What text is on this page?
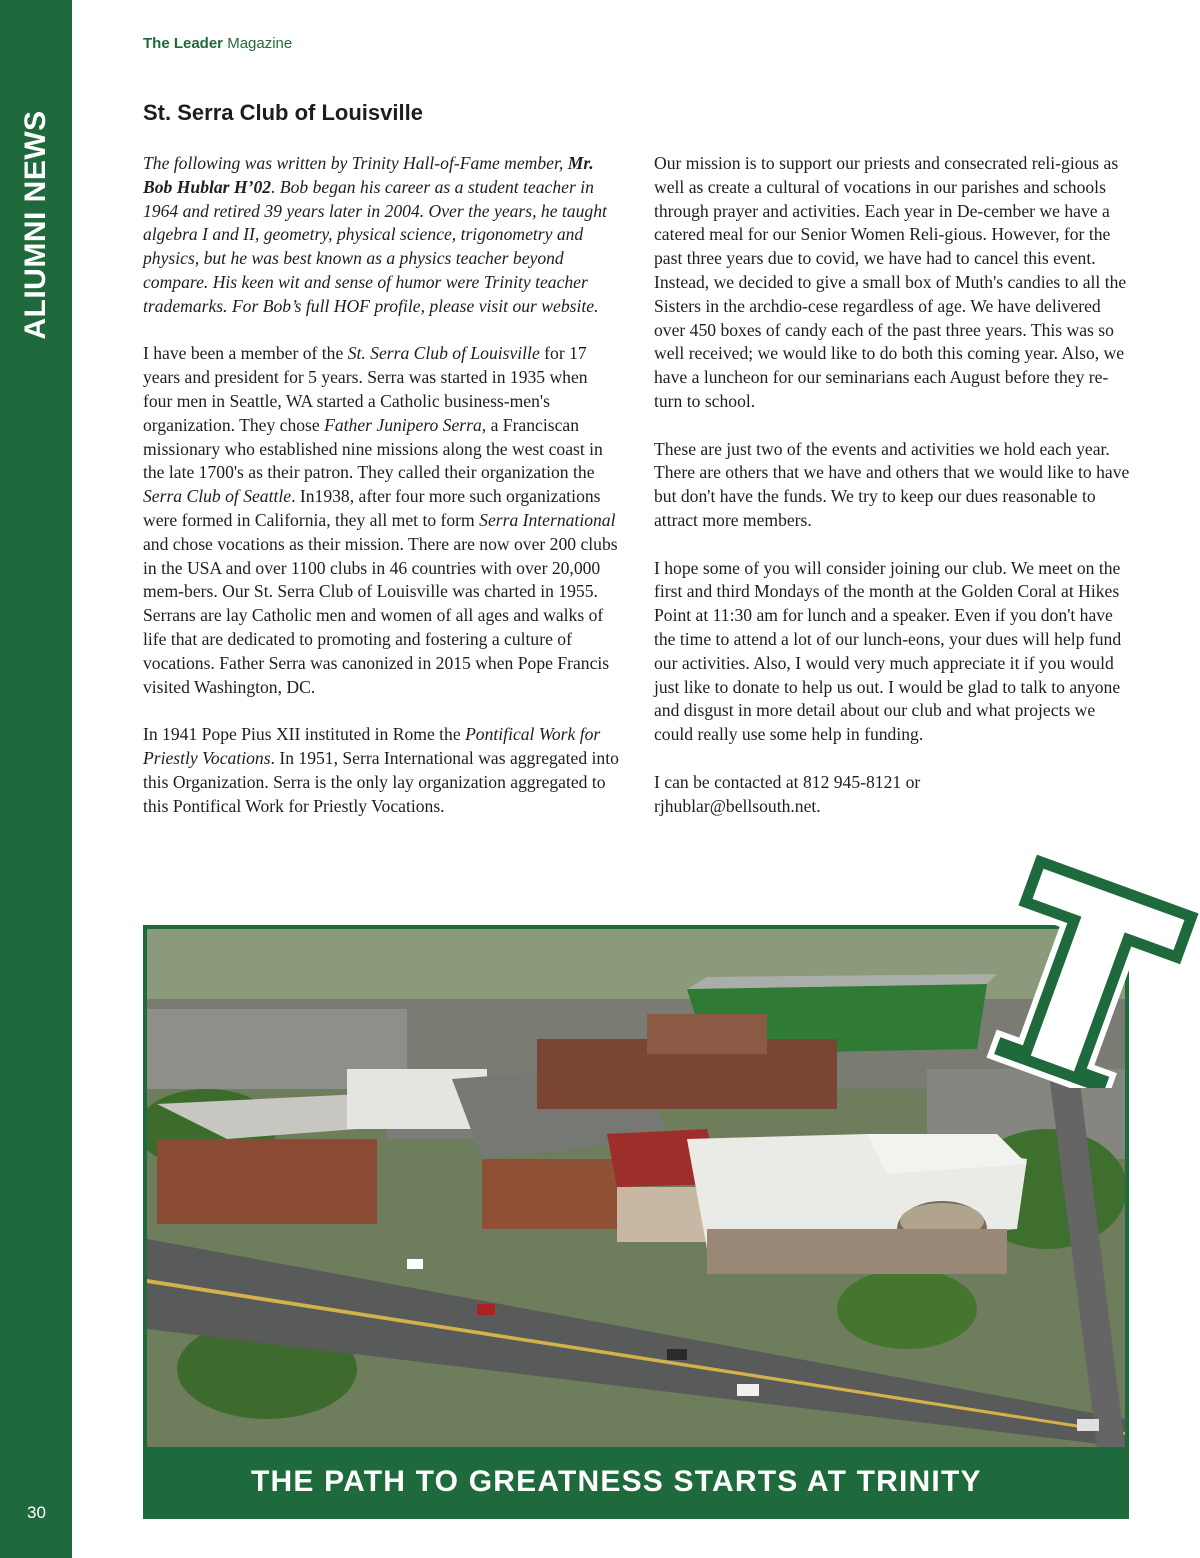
ALIUMNI NEWS
30
The Leader Magazine
St. Serra Club of Louisville

The following was written by Trinity Hall-of-Fame member, Mr. Bob Hublar H’02. Bob began his career as a student teacher in 1964 and retired 39 years later in 2004. Over the years, he taught algebra I and II, geometry, physical science, trigonometry and physics, but he was best known as a physics teacher beyond compare. His keen wit and sense of humor were Trinity teacher trademarks. For Bob’s full HOF profile, please visit our website.

I have been a member of the St. Serra Club of Louisville for 17 years and president for 5 years. Serra was started in 1935 when four men in Seattle, WA started a Catholic business-men's organization. They chose Father Junipero Serra, a Franciscan missionary who established nine missions along the west coast in the late 1700's as their patron. They called their organization the Serra Club of Seattle. In1938, after four more such organizations were formed in California, they all met to form Serra International and chose vocations as their mission. There are now over 200 clubs in the USA and over 1100 clubs in 46 countries with over 20,000 mem-bers. Our St. Serra Club of Louisville was charted in 1955. Serrans are lay Catholic men and women of all ages and walks of life that are dedicated to promoting and fostering a culture of vocations. Father Serra was canonized in 2015 when Pope Francis visited Washington, DC.

In 1941 Pope Pius XII instituted in Rome the Pontifical Work for Priestly Vocations. In 1951, Serra International was aggregated into this Organization. Serra is the only lay organization aggregated to this Pontifical Work for Priestly Vocations.

Our mission is to support our priests and consecrated reli-gious as well as create a cultural of vocations in our parishes and schools through prayer and activities. Each year in De-cember we have a catered meal for our Senior Women Reli-gious. However, for the past three years due to covid, we have had to cancel this event. Instead, we decided to give a small box of Muth's candies to all the Sisters in the archdio-cese regardless of age. We have delivered over 450 boxes of candy each of the past three years. This was so well received; we would like to do both this coming year. Also, we have a luncheon for our seminarians each August before they re-turn to school.

These are just two of the events and activities we hold each year. There are others that we have and others that we would like to have but don't have the funds. We try to keep our dues reasonable to attract more members.

I hope some of you will consider joining our club. We meet on the first and third Mondays of the month at the Golden Coral at Hikes Point at 11:30 am for lunch and a speaker. Even if you don't have the time to attend a lot of our lunch-eons, your dues will help fund our activities. Also, I would very much appreciate it if you would just like to donate to help us out. I would be glad to talk to anyone and disgust in more detail about our club and what projects we could really use some help in funding.

I can be contacted at 812 945-8121 or
rjhublar@bellsouth.net.

THE PATH TO GREATNESS STARTS AT TRINITY
